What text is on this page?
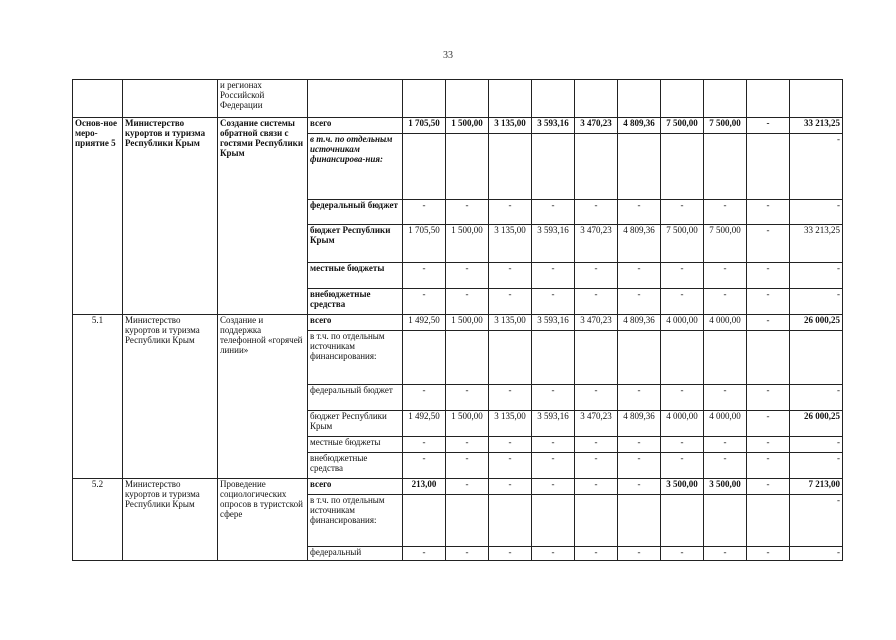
33
		и регионах Российской Федерации											
Основ-ное меро-приятие 5	Министерство курортов и туризма Республики Крым	Создание системы обратной связи с гостями Республики Крым	всего	1 705,50	1 500,00	3 135,00	3 593,16	3 470,23	4 809,36	7 500,00	7 500,00	-	33 213,25
			в т.ч. по отдельным источникам финансирова-ния:										-
			федеральный бюджет	-	-	-	-	-	-	-	-	-	-
			бюджет Республики Крым	1 705,50	1 500,00	3 135,00	3 593,16	3 470,23	4 809,36	7 500,00	7 500,00	-	33 213,25
			местные бюджеты	-	-	-	-	-	-	-	-	-	-
			внебюджетные средства	-	-	-	-	-	-	-	-	-	-
5.1	Министерство курортов и туризма Республики Крым	Создание и поддержка телефонной «горячей линии»	всего	1 492,50	1 500,00	3 135,00	3 593,16	3 470,23	4 809,36	4 000,00	4 000,00	-	26 000,25
			в т.ч. по отдельным источникам финансирования:										
			федеральный бюджет	-	-	-	-	-	-	-	-	-	-
			бюджет Республики Крым	1 492,50	1 500,00	3 135,00	3 593,16	3 470,23	4 809,36	4 000,00	4 000,00	-	26 000,25
			местные бюджеты	-	-	-	-	-	-	-	-	-	-
			внебюджетные средства	-	-	-	-	-	-	-	-	-	-
5.2	Министерство курортов и туризма Республики Крым	Проведение социологических опросов в туристской сфере	всего	213,00	-	-	-	-	-	3 500,00	3 500,00	-	7 213,00
			в т.ч. по отдельным источникам финансирования:										-
			федеральный	-	-	-	-	-	-	-	-	-	-
